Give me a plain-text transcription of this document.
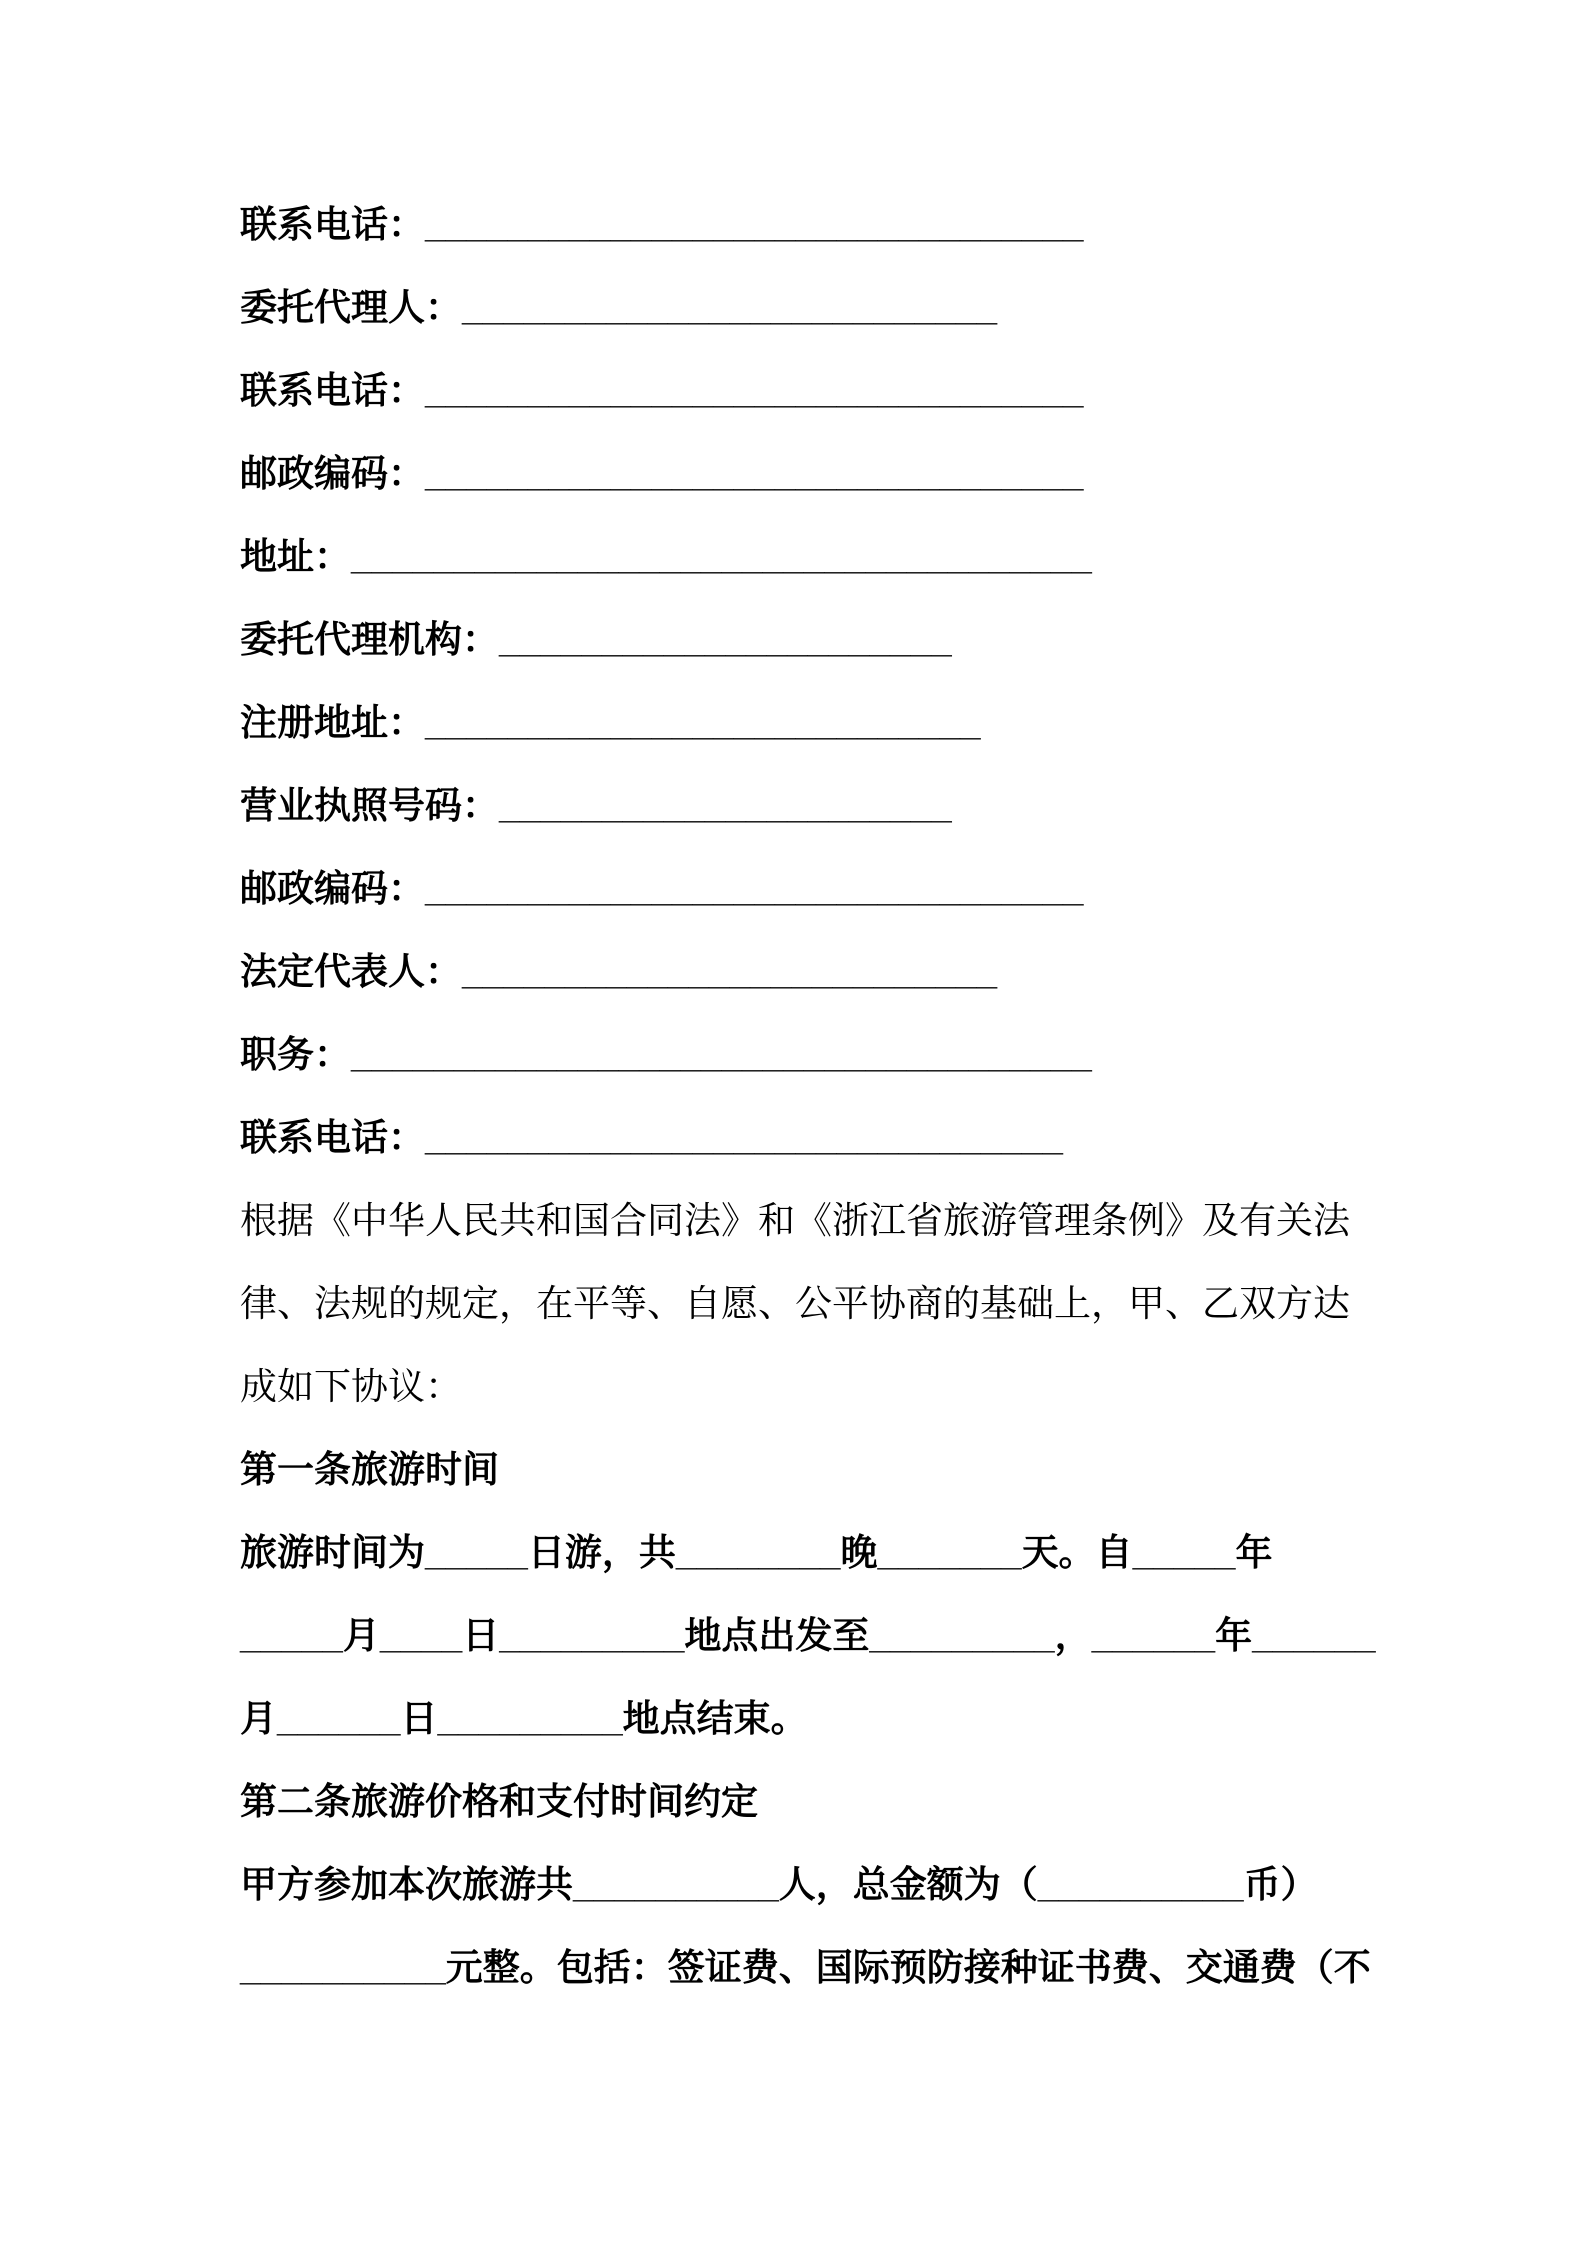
联系电话：________________________________

委托代理人：__________________________

联系电话：________________________________

邮政编码：________________________________

地址：____________________________________

委托代理机构：______________________

注册地址：___________________________

营业执照号码：______________________

邮政编码：________________________________

法定代表人：__________________________

职务：____________________________________

联系电话：_______________________________

根据《中华人民共和国合同法》和《浙江省旅游管理条例》及有关法

律、法规的规定，在平等、自愿、公平协商的基础上，甲、乙双方达

成如下协议：

第一条旅游时间

旅游时间为_____日游，共________晚_______天。自_____年

_____月____日_________地点出发至_________，______年______

月______日_________地点结束。

第二条旅游价格和支付时间约定

甲方参加本次旅游共__________人，总金额为（__________币）

__________元整。包括：签证费、国际预防接种证书费、交通费（不
